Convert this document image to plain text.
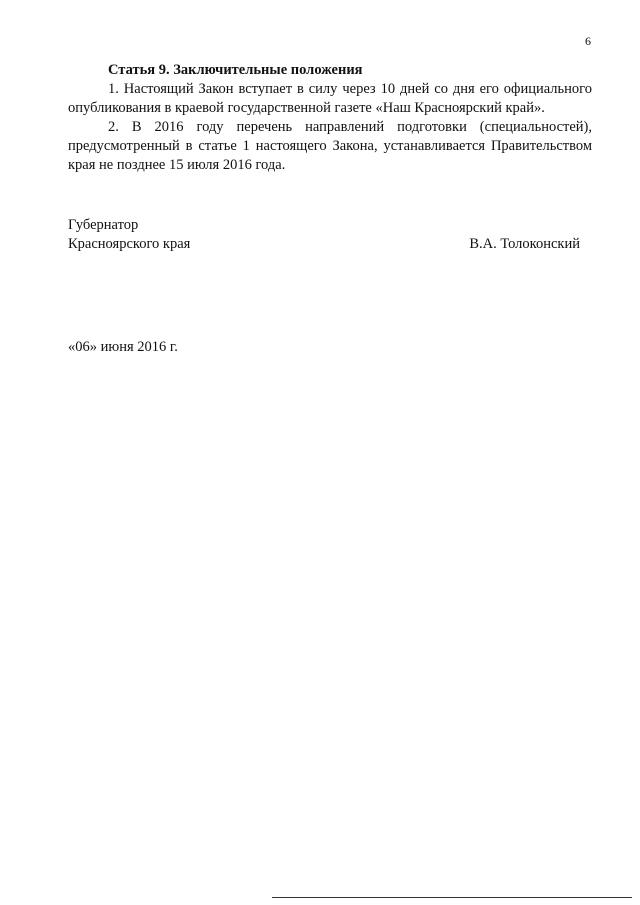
6

Статья 9. Заключительные положения

1. Настоящий Закон вступает в силу через 10 дней со дня его официального опубликования в краевой государственной газете «Наш Красноярский край».

2. В 2016 году перечень направлений подготовки (специальностей), предусмотренный в статье 1 настоящего Закона, устанавливается Правительством края не позднее 15 июля 2016 года.

Губернатор
Красноярского края	В.А. Толоконский
«06» июня 2016 г.
